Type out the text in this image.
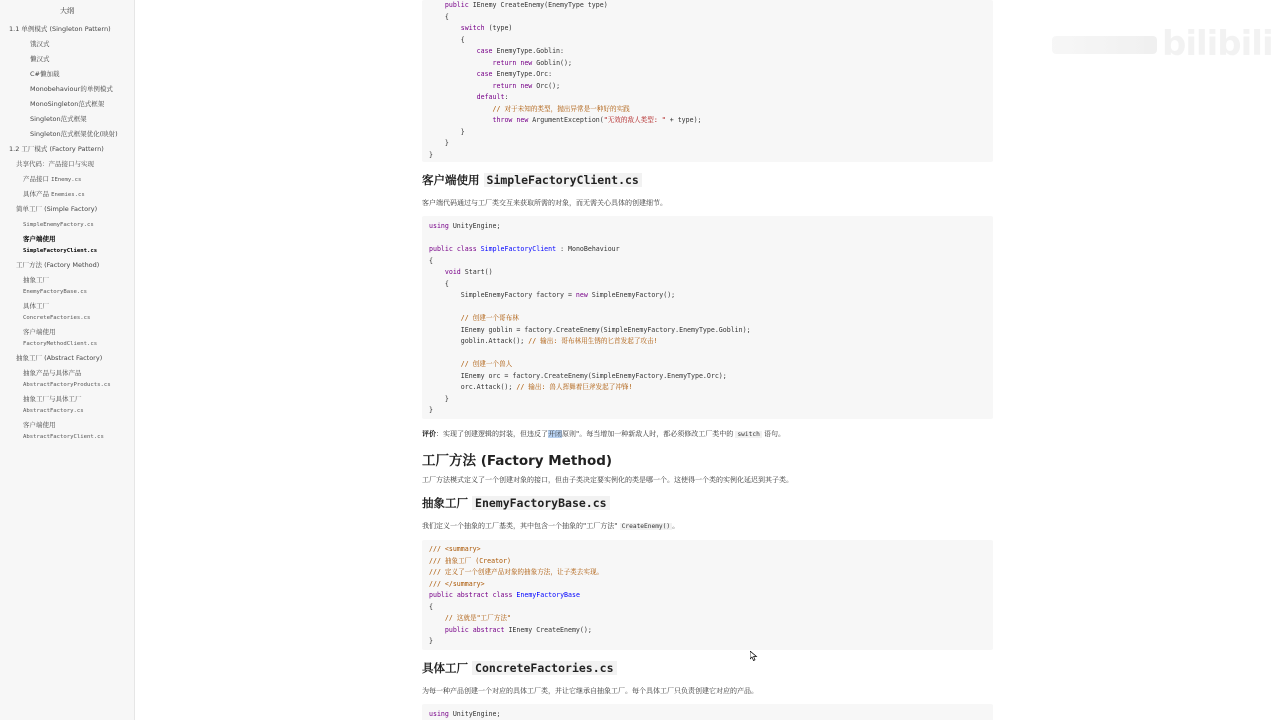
大纲
1.1 单例模式 (Singleton Pattern)
饿汉式
懒汉式
C#懒加载
Monobehaviour的单例模式
MonoSingleton范式框架
Singleton范式框架
Singleton范式框架优化(映射)
1.2 工厂模式 (Factory Pattern)
共享代码：产品接口与实现
产品接口 IEnemy.cs
具体产品 Enemies.cs
简单工厂 (Simple Factory)
SimpleEnemyFactory.cs
客户端使用
SimpleFactoryClient.cs
工厂方法 (Factory Method)
抽象工厂
EnemyFactoryBase.cs
具体工厂
ConcreteFactories.cs
客户端使用
FactoryMethodClient.cs
抽象工厂 (Abstract Factory)
抽象产品与具体产品
AbstractFactoryProducts.cs
抽象工厂与具体工厂
AbstractFactory.cs
客户端使用
AbstractFactoryClient.cs
public IEnemy CreateEnemy(EnemyType type)
{
switch (type)
{
case EnemyType.Goblin:
return new Goblin();
case EnemyType.Orc:
return new Orc();
default:
// 对于未知的类型，抛出异常是一种好的实践
throw new ArgumentException("无效的敌人类型: " + type);
}
}
}
客户端使用 SimpleFactoryClient.cs

客户端代码通过与工厂类交互来获取所需的对象，而无需关心具体的创建细节。

using UnityEngine;
public class SimpleFactoryClient : MonoBehaviour
{
void Start()
{
SimpleEnemyFactory factory = new SimpleEnemyFactory();
// 创建一个哥布林
IEnemy goblin = factory.CreateEnemy(SimpleEnemyFactory.EnemyType.Goblin);
goblin.Attack(); // 输出: 哥布林用生锈的匕首发起了攻击!
// 创建一个兽人
IEnemy orc = factory.CreateEnemy(SimpleEnemyFactory.EnemyType.Orc);
orc.Attack(); // 输出: 兽人挥舞着巨斧发起了冲锋!
}
}

评价：实现了创建逻辑的封装，但违反了开闭原则"。每当增加一种新敌人时，都必须修改工厂类中的 switch 语句。

工厂方法 (Factory Method)

工厂方法模式定义了一个创建对象的接口，但由子类决定要实例化的类是哪一个。这使得一个类的实例化延迟到其子类。

抽象工厂 EnemyFactoryBase.cs

我们定义一个抽象的工厂基类，其中包含一个抽象的"工厂方法" CreateEnemy() 。

/// <summary>
/// 抽象工厂 (Creator)
/// 定义了一个创建产品对象的抽象方法，让子类去实现。
/// </summary>
public abstract class EnemyFactoryBase
{
// 这就是"工厂方法"
public abstract IEnemy CreateEnemy();
}
具体工厂 ConcreteFactories.cs

为每一种产品创建一个对应的具体工厂类，并让它继承自抽象工厂。每个具体工厂只负责创建它对应的产品。

using UnityEngine;
bilibili
